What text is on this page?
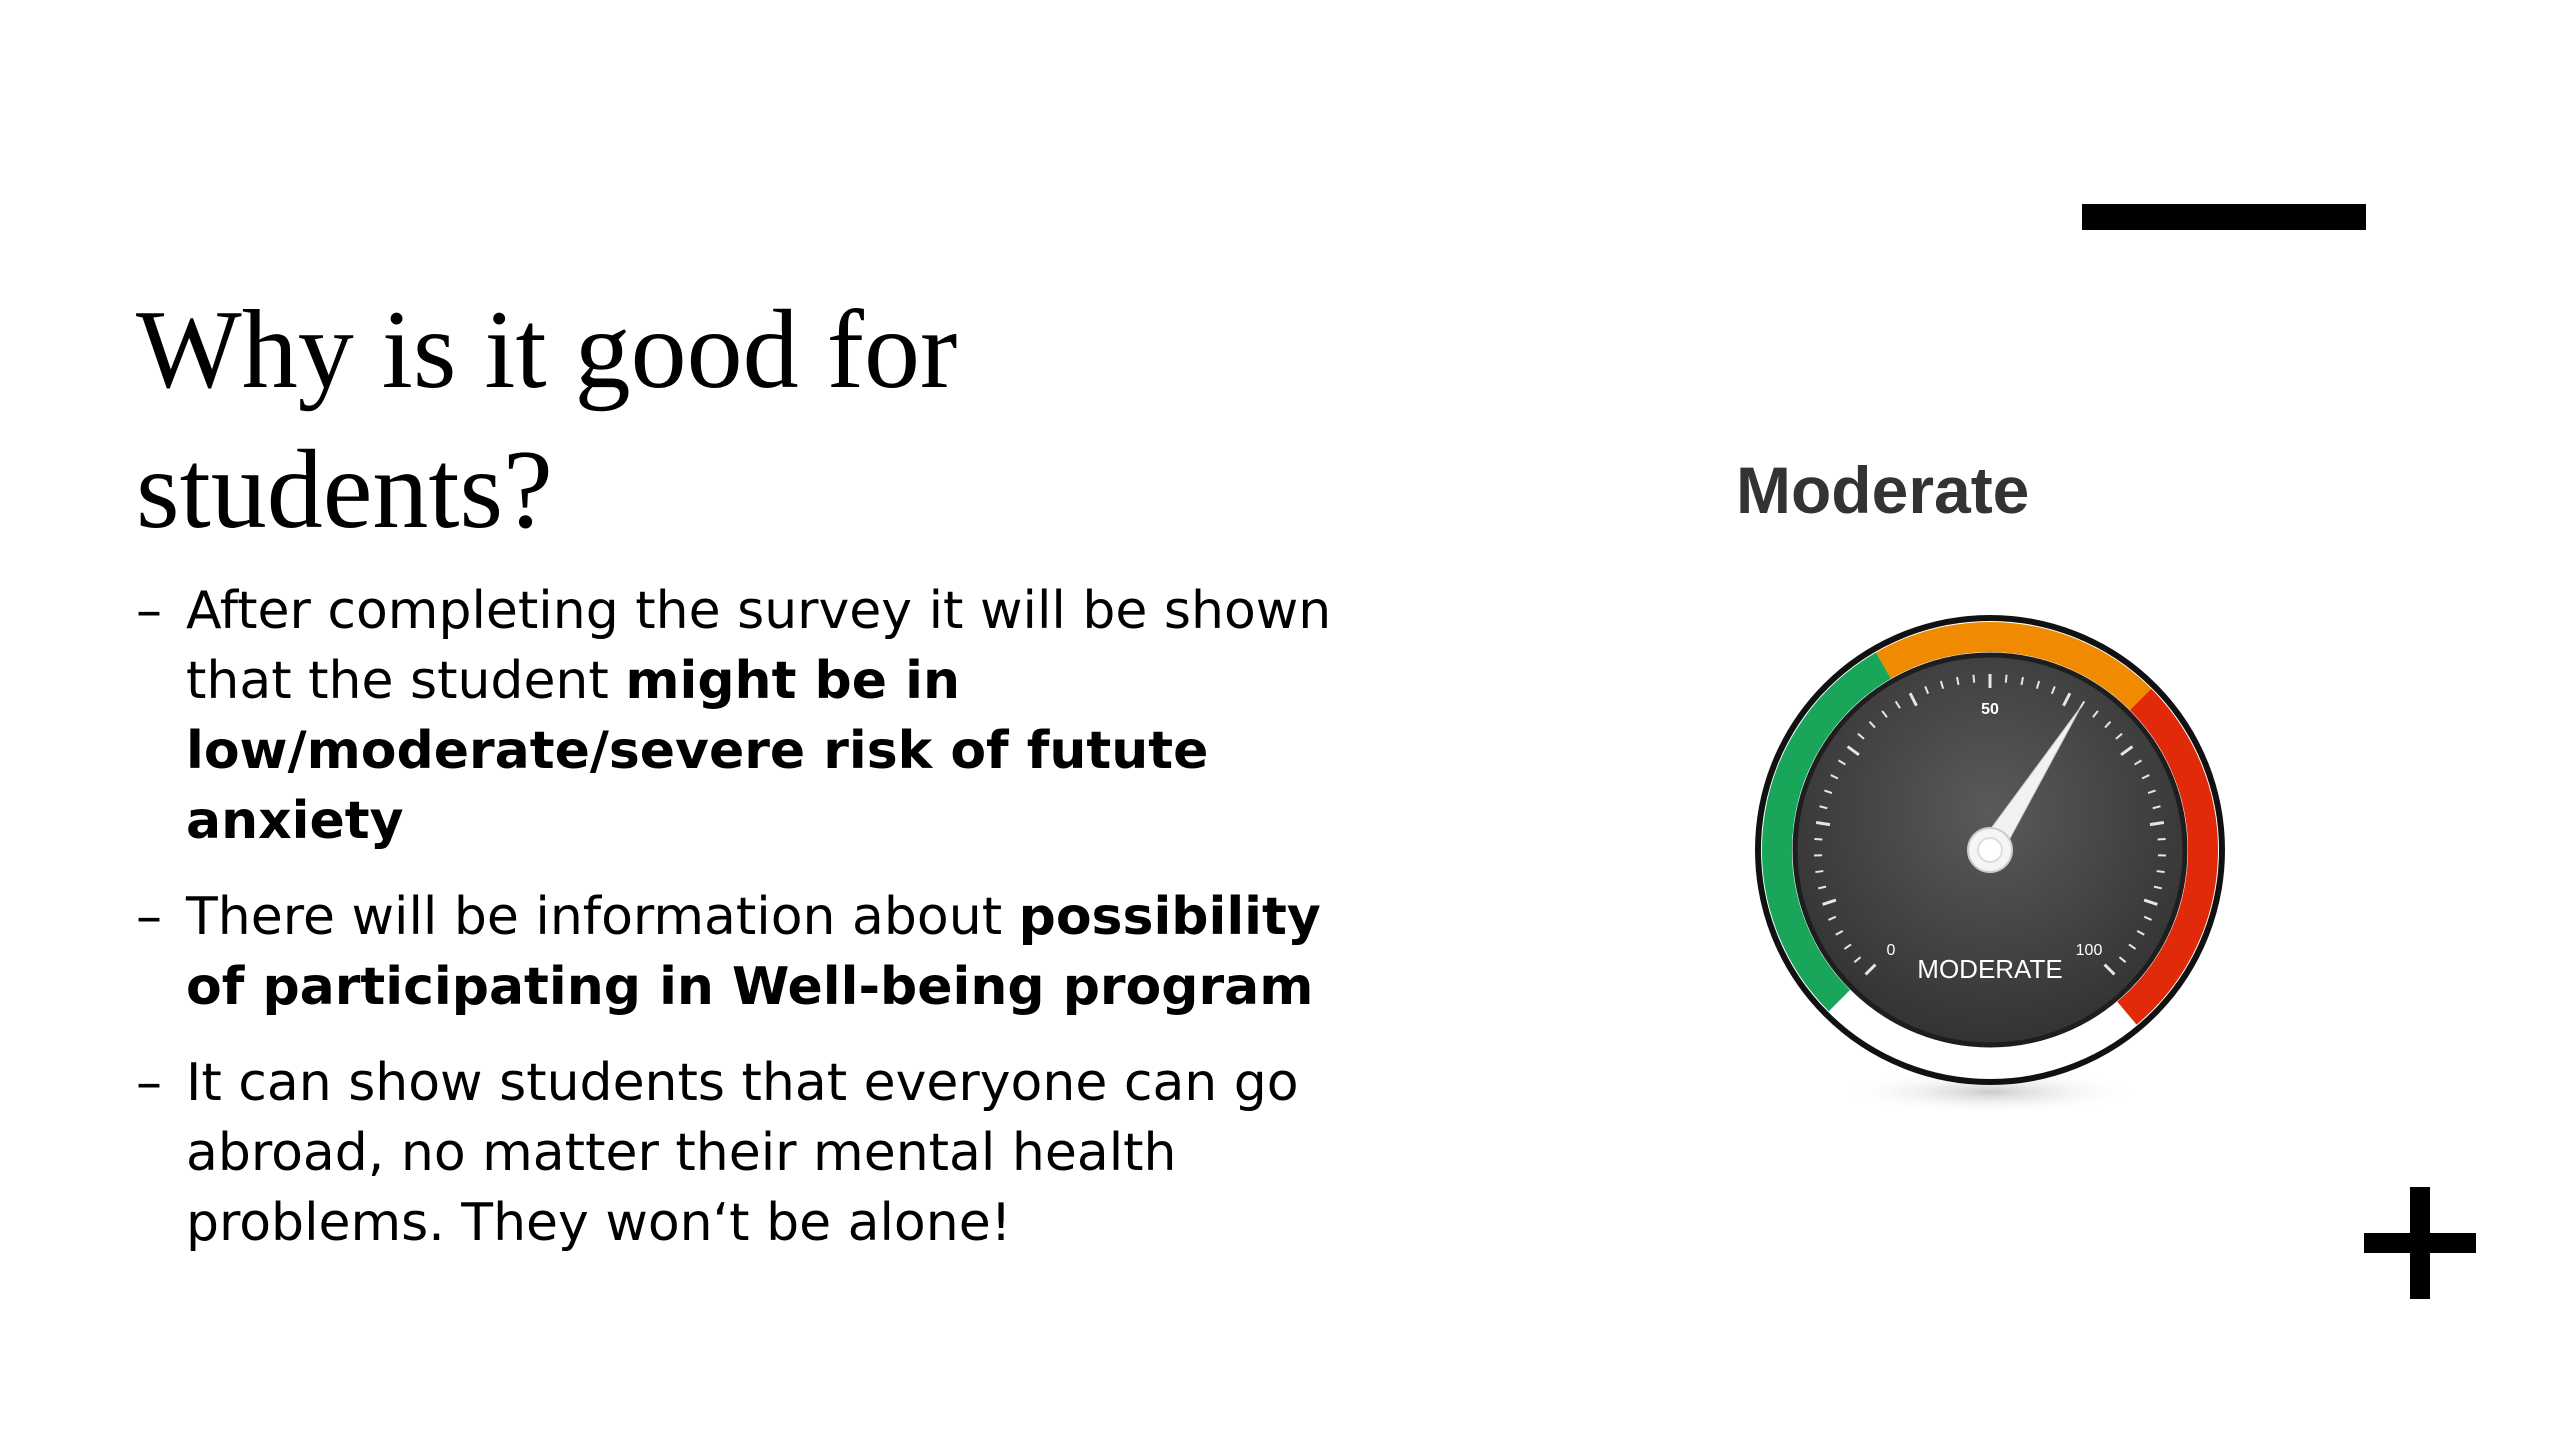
Why is it good for
students?
– After completing the survey it will be shown that the student might be in low/moderate/severe risk of futute anxiety
– There will be information about possibility of participating in Well-being program
– It can show students that everyone can go abroad, no matter their mental health problems. They won‘t be alone!
Moderate
0
50
100
MODERATE
